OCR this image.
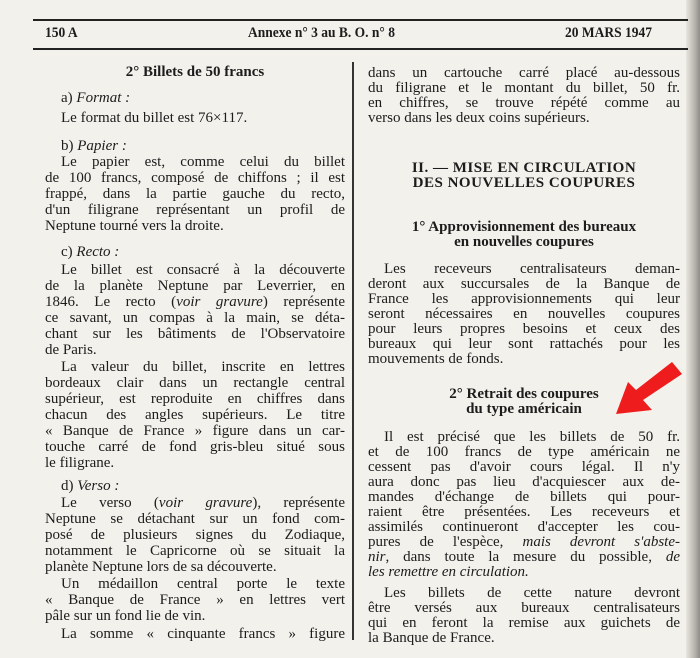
150 A	Annexe n° 3 au B. O. n° 8	20 MARS 1947
2° Billets de 50 francs
a) Format :
Le format du billet est 76×117.
b) Papier :
Le papier est, comme celui du billet
de 100 francs, composé de chiffons ; il est
frappé, dans la partie gauche du recto,
d'un filigrane représentant un profil de
Neptune tourné vers la droite.
c) Recto :
Le billet est consacré à la découverte
de la planète Neptune par Leverrier, en
1846. Le recto (voir gravure) représente
ce savant, un compas à la main, se déta-
chant sur les bâtiments de l'Observatoire
de Paris.
La valeur du billet, inscrite en lettres
bordeaux clair dans un rectangle central
supérieur, est reproduite en chiffres dans
chacun des angles supérieurs. Le titre
« Banque de France » figure dans un car-
touche carré de fond gris-bleu situé sous
le filigrane.
d) Verso :
Le verso (voir gravure), représente
Neptune se détachant sur un fond com-
posé de plusieurs signes du Zodiaque,
notamment le Capricorne où se situait la
planète Neptune lors de sa découverte.
Un médaillon central porte le texte
« Banque de France » en lettres vert
pâle sur un fond lie de vin.
La somme « cinquante francs » figure
dans un cartouche carré placé au-dessous
du filigrane et le montant du billet, 50 fr.
en chiffres, se trouve répété comme au
verso dans les deux coins supérieurs.
II. — MISE EN CIRCULATION
DES NOUVELLES COUPURES
1° Approvisionnement des bureaux
en nouvelles coupures
Les receveurs centralisateurs deman-
deront aux succursales de la Banque de
France les approvisionnements qui leur
seront nécessaires en nouvelles coupures
pour leurs propres besoins et ceux des
bureaux qui leur sont rattachés pour les
mouvements de fonds.
2° Retrait des coupures
du type américain
Il est précisé que les billets de 50 fr.
et de 100 francs de type américain ne
cessent pas d'avoir cours légal. Il n'y
aura donc pas lieu d'acquiescer aux de-
mandes d'échange de billets qui pour-
raient être présentées. Les receveurs et
assimilés continueront d'accepter les cou-
pures de l'espèce, mais devront s'abste-
nir, dans toute la mesure du possible, de
les remettre en circulation.
Les billets de cette nature devront
être versés aux bureaux centralisateurs
qui en feront la remise aux guichets de
la Banque de France.
